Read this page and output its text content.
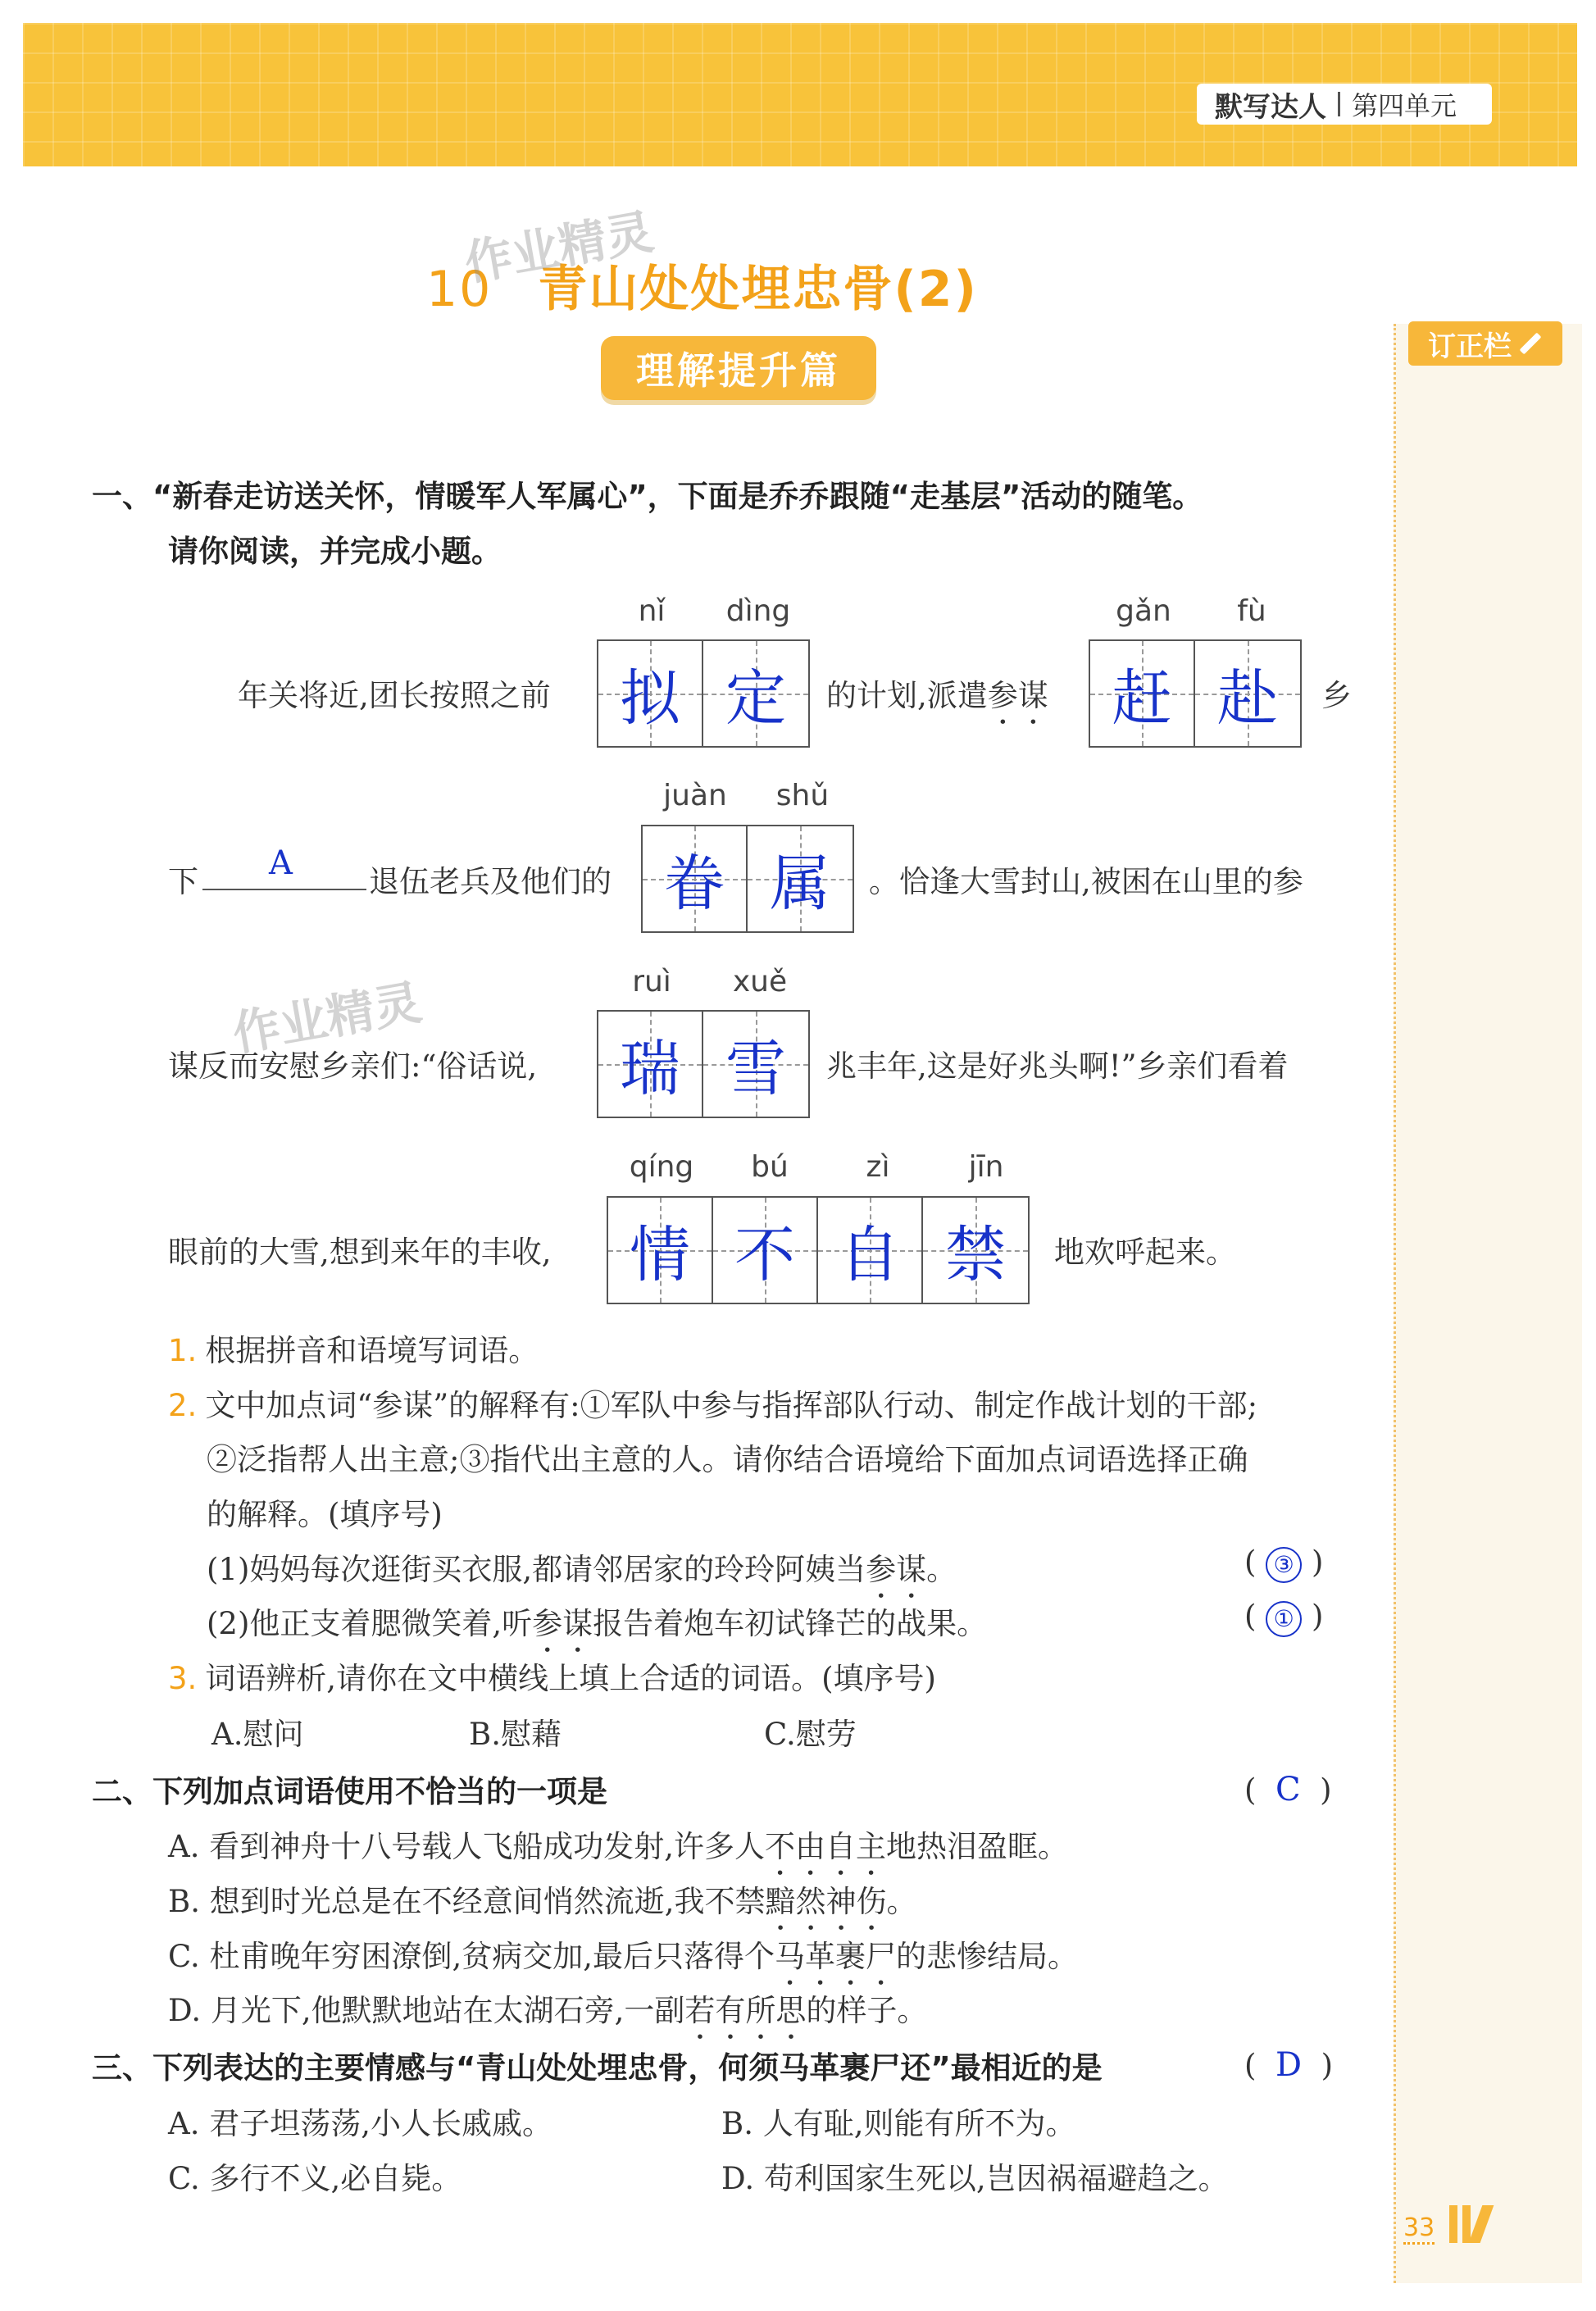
默写达人 第四单元
订正栏
10 青山处处埋忠骨(2)
作业精灵
理解提升篇
一、“新春走访送关怀，情暖军人军属心”，下面是乔乔跟随“走基层”活动的随笔。
请你阅读，并完成小题。
nǐ	dìng	gǎn	fù
年关将近,团长按照之前 拟 定 的计划,派遣参谋 赶 赴 乡
juàn	shǔ
下 A	退伍老兵及他们的 眷 属 。恰逢大雪封山,被困在山里的参
作业精灵	ruì	xuě
谋反而安慰乡亲们:“俗话说, 瑞 雪 兆丰年,这是好兆头啊!”乡亲们看着
qíng	bú	zì	jīn
眼前的大雪,想到来年的丰收, 情 不 自 禁 地欢呼起来。
1. 根据拼音和语境写词语。
2. 文中加点词“参谋”的解释有:①军队中参与指挥部队行动、制定作战计划的干部;
②泛指帮人出主意;③指代出主意的人。请你结合语境给下面加点词语选择正确
的解释。(填序号)
(1)妈妈每次逛街买衣服,都请邻居家的玲玲阿姨当参谋。	( ③ )
(2)他正支着腮微笑着,听参谋报告着炮车初试锋芒的战果。	( ① )
3. 词语辨析,请你在文中横线上填上合适的词语。(填序号)
A.慰问	B.慰藉	C.慰劳
二、下列加点词语使用不恰当的一项是	(  C  )
A. 看到神舟十八号载人飞船成功发射,许多人不由自主地热泪盈眶。
B. 想到时光总是在不经意间悄然流逝,我不禁黯然神伤。
C. 杜甫晚年穷困潦倒,贫病交加,最后只落得个马革裹尸的悲惨结局。
D. 月光下,他默默地站在太湖石旁,一副若有所思的样子。
三、下列表达的主要情感与“青山处处埋忠骨，何须马革裹尸还”最相近的是	(  D  )
A. 君子坦荡荡,小人长戚戚。	B. 人有耻,则能有所不为。
C. 多行不义,必自毙。	D. 苟利国家生死以,岂因祸福避趋之。
33
